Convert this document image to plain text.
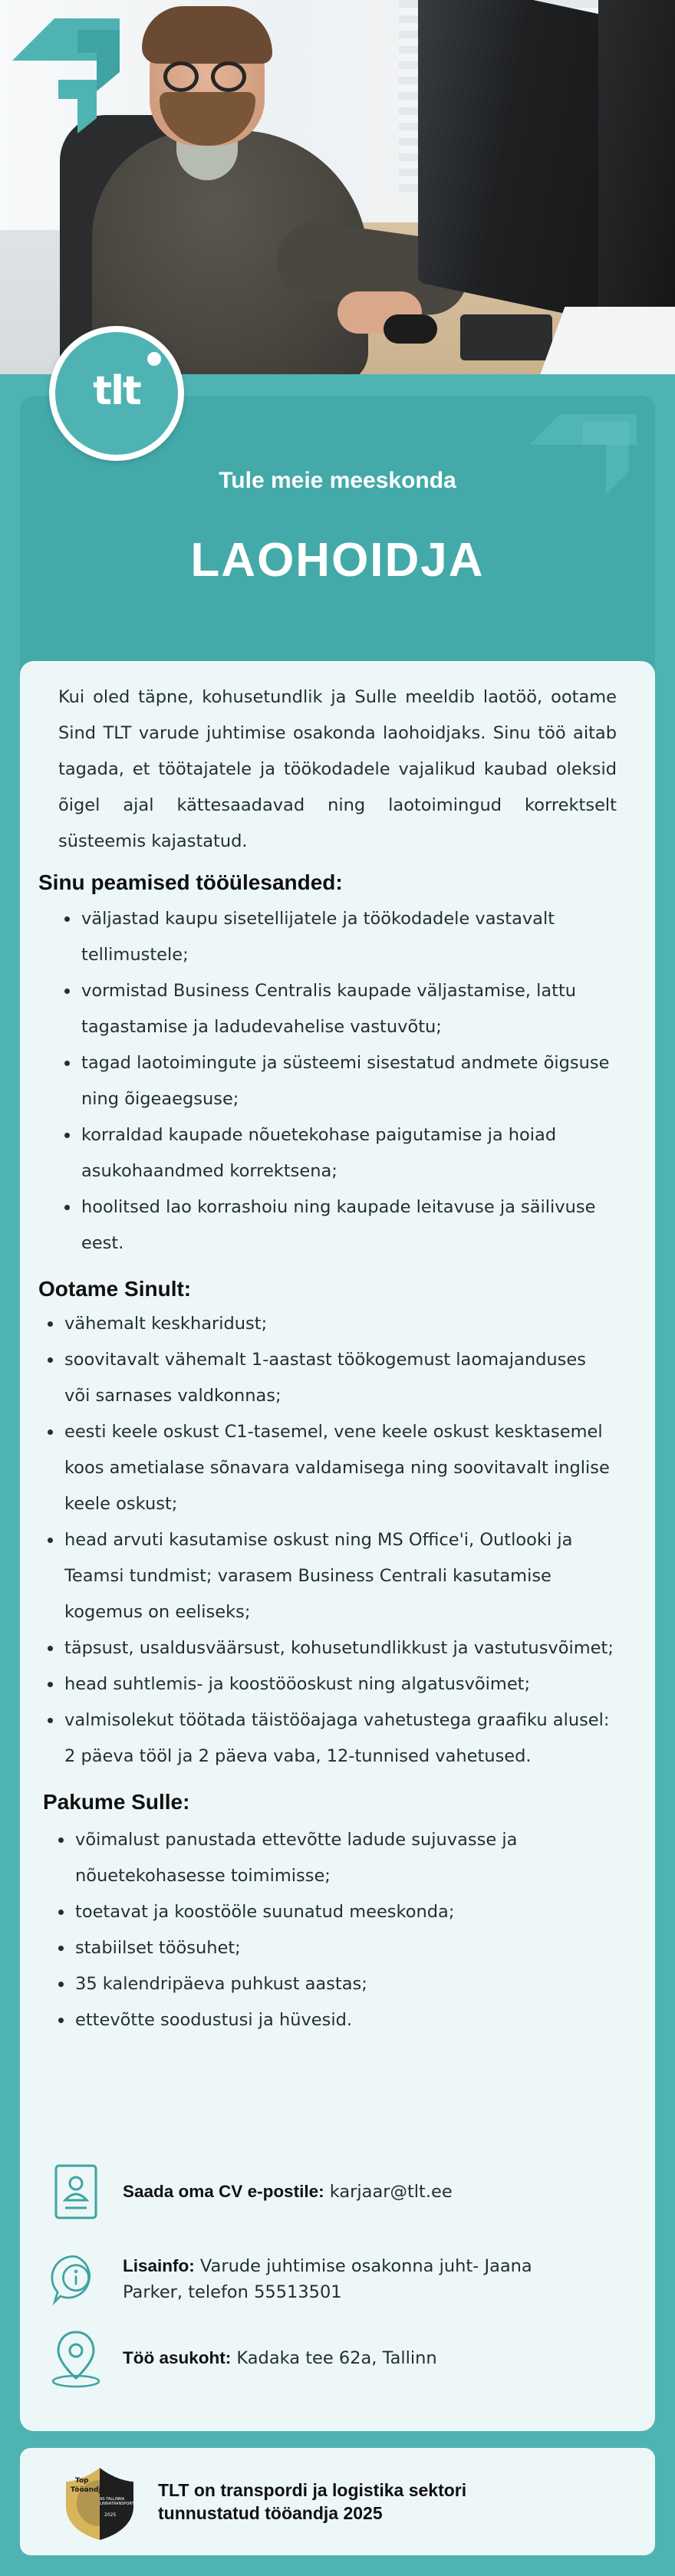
tlt
Tule meie meeskonda
LAOHOIDJA

Kui oled täpne, kohusetundlik ja Sulle meeldib laotöö, ootame Sind TLT varude juhtimise osakonda laohoidjaks. Sinu töö aitab tagada, et töötajatele ja töökodadele vajalikud kaubad oleksid õigel ajal kättesaadavad ning laotoimingud korrektselt süsteemis kajastatud.

Sinu peamised tööülesanded:
väljastad kaupu sisetellijatele ja töökodadele vastavalt tellimustele;
vormistad Business Centralis kaupade väljastamise, lattu tagastamise ja ladudevahelise vastuvõtu;
tagad laotoimingute ja süsteemi sisestatud andmete õigsuse ning õigeaegsuse;
korraldad kaupade nõuetekohase paigutamise ja hoiad asukohaandmed korrektsena;
hoolitsed lao korrashoiu ning kaupade leitavuse ja säilivuse eest.
Ootame Sinult:
vähemalt keskharidust;
soovitavalt vähemalt 1-aastast töökogemust laomajanduses või sarnases valdkonnas;
eesti keele oskust C1-tasemel, vene keele oskust kesktasemel koos ametialase sõnavara valdamisega ning soovitavalt inglise keele oskust;
head arvuti kasutamise oskust ning MS Office'i, Outlooki ja Teamsi tundmist; varasem Business Centrali kasutamise kogemus on eeliseks;
täpsust, usaldusväärsust, kohusetundlikkust ja vastutusvõimet;
head suhtlemis- ja koostööoskust ning algatusvõimet;
valmisolekut töötada täistööajaga vahetustega graafiku alusel: 2 päeva tööl ja 2 päeva vaba, 12-tunnised vahetused.
Pakume Sulle:
võimalust panustada ettevõtte ladude sujuvasse ja nõuetekohasesse toimimisse;
toetavat ja koostööle suunatud meeskonda;
stabiilset töösuhet;
35 kalendripäeva puhkust aastas;
ettevõtte soodustusi ja hüvesid.
Saada oma CV e-postile: karjaar@tlt.ee
Lisainfo: Varude juhtimise osakonna juht- Jaana Parker, telefon 55513501
Töö asukoht: Kadaka tee 62a, Tallinn
Top
Tööandja
AS TALLINNA LINNATRANSPORT
2025
TLT on transpordi ja logistika sektori
tunnustatud tööandja 2025
